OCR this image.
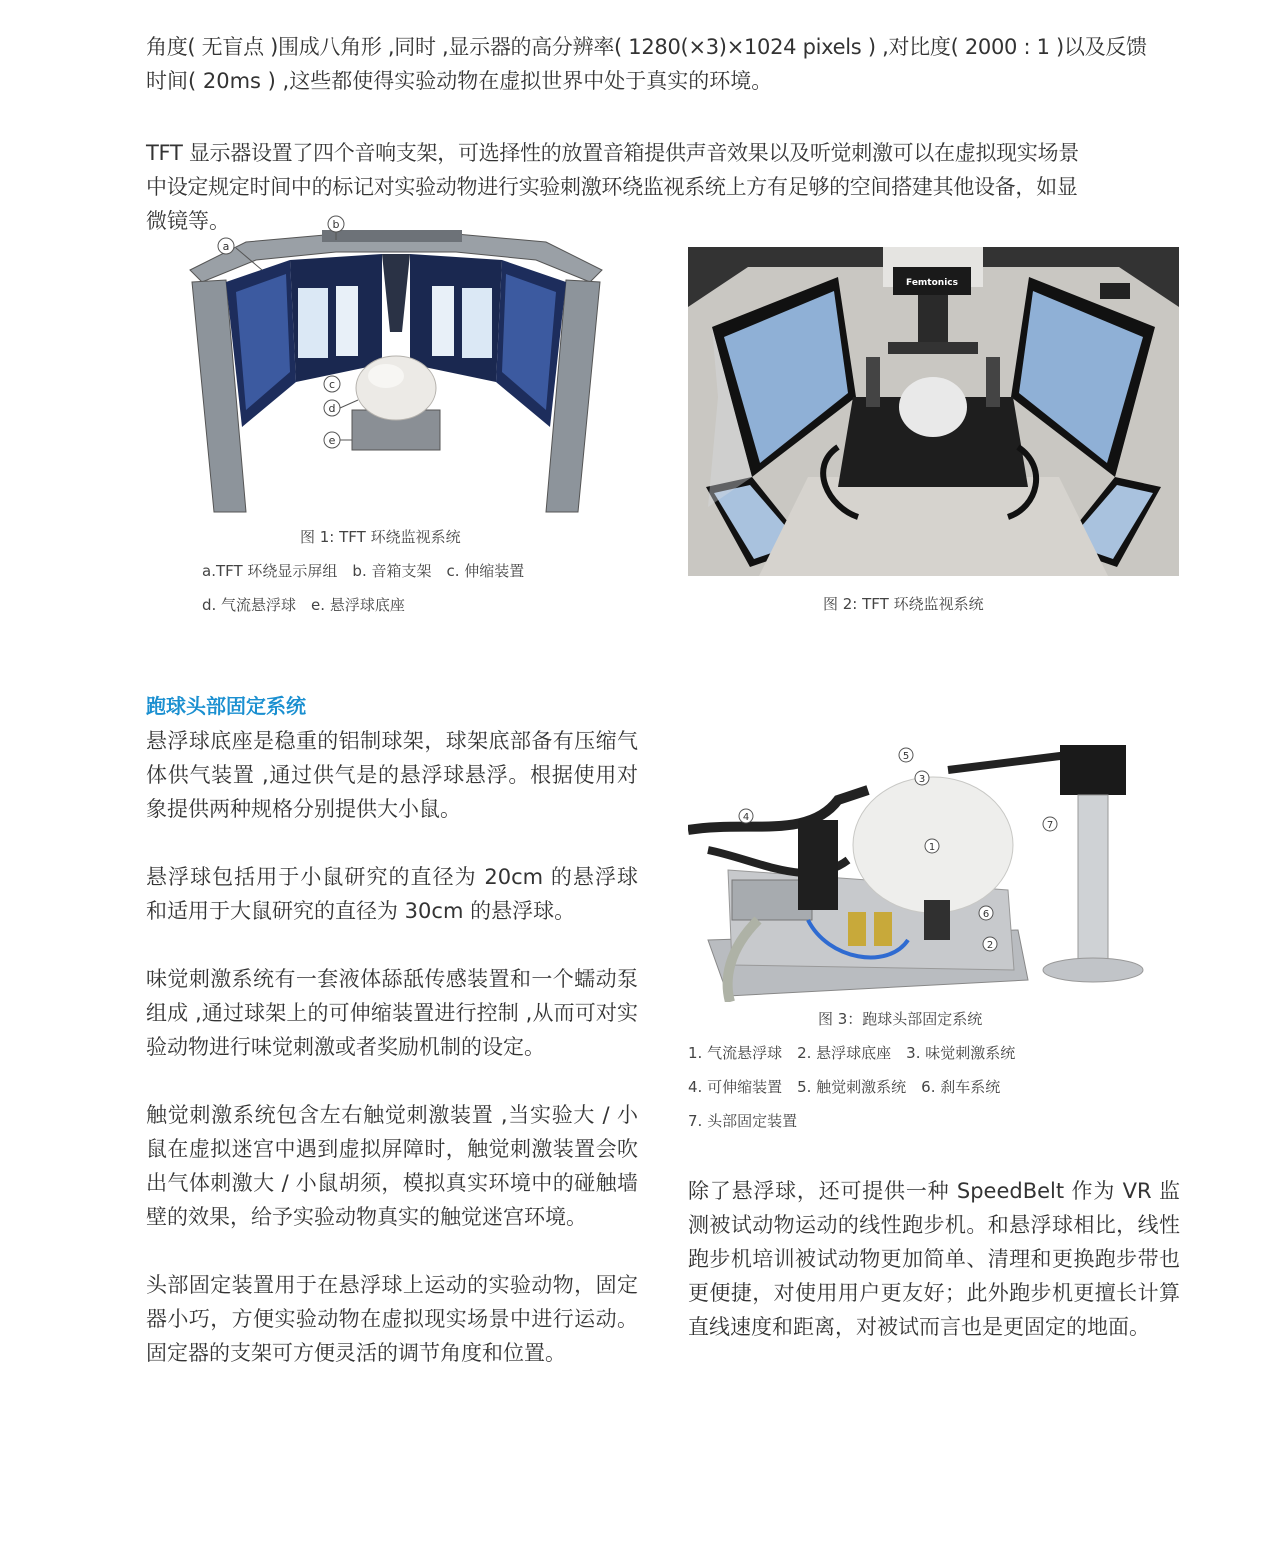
角度( 无盲点 )围成八角形 ,同时 ,显示器的高分辨率( 1280(×3)×1024 pixels ) ,对比度( 2000 : 1 )以及反馈
时间( 20ms ) ,这些都使得实验动物在虚拟世界中处于真实的环境。
TFT 显示器设置了四个音响支架，可选择性的放置音箱提供声音效果以及听觉刺激可以在虚拟现实场景
中设定规定时间中的标记对实验动物进行实验刺激环绕监视系统上方有足够的空间搭建其他设备，如显
微镜等。
a
b
c
d
e
图 1: TFT 环绕监视系统
a.TFT 环绕显示屏组　b. 音箱支架　c. 伸缩装置
d. 气流悬浮球　e. 悬浮球底座
Femtonics
图 2: TFT 环绕监视系统
跑球头部固定系统

悬浮球底座是稳重的铝制球架，球架底部备有压缩气体供气装置 ,通过供气是的悬浮球悬浮。根据使用对象提供两种规格分别提供大小鼠。

悬浮球包括用于小鼠研究的直径为 20cm 的悬浮球和适用于大鼠研究的直径为 30cm 的悬浮球。

味觉刺激系统有一套液体舔舐传感装置和一个蠕动泵组成 ,通过球架上的可伸缩装置进行控制 ,从而可对实验动物进行味觉刺激或者奖励机制的设定。

触觉刺激系统包含左右触觉刺激装置 ,当实验大 / 小鼠在虚拟迷宫中遇到虚拟屏障时，触觉刺激装置会吹出气体刺激大 / 小鼠胡须，模拟真实环境中的碰触墙壁的效果，给予实验动物真实的触觉迷宫环境。

头部固定装置用于在悬浮球上运动的实验动物，固定器小巧，方便实验动物在虚拟现实场景中进行运动。固定器的支架可方便灵活的调节角度和位置。

1
2
3
4
5
6
7
图 3：跑球头部固定系统
1. 气流悬浮球　2. 悬浮球底座　3. 味觉刺激系统
4. 可伸缩装置　5. 触觉刺激系统　6. 刹车系统
7. 头部固定装置

除了悬浮球，还可提供一种 SpeedBelt 作为 VR 监测被试动物运动的线性跑步机。和悬浮球相比，线性跑步机培训被试动物更加简单、清理和更换跑步带也更便捷，对使用用户更友好；此外跑步机更擅长计算直线速度和距离，对被试而言也是更固定的地面。
